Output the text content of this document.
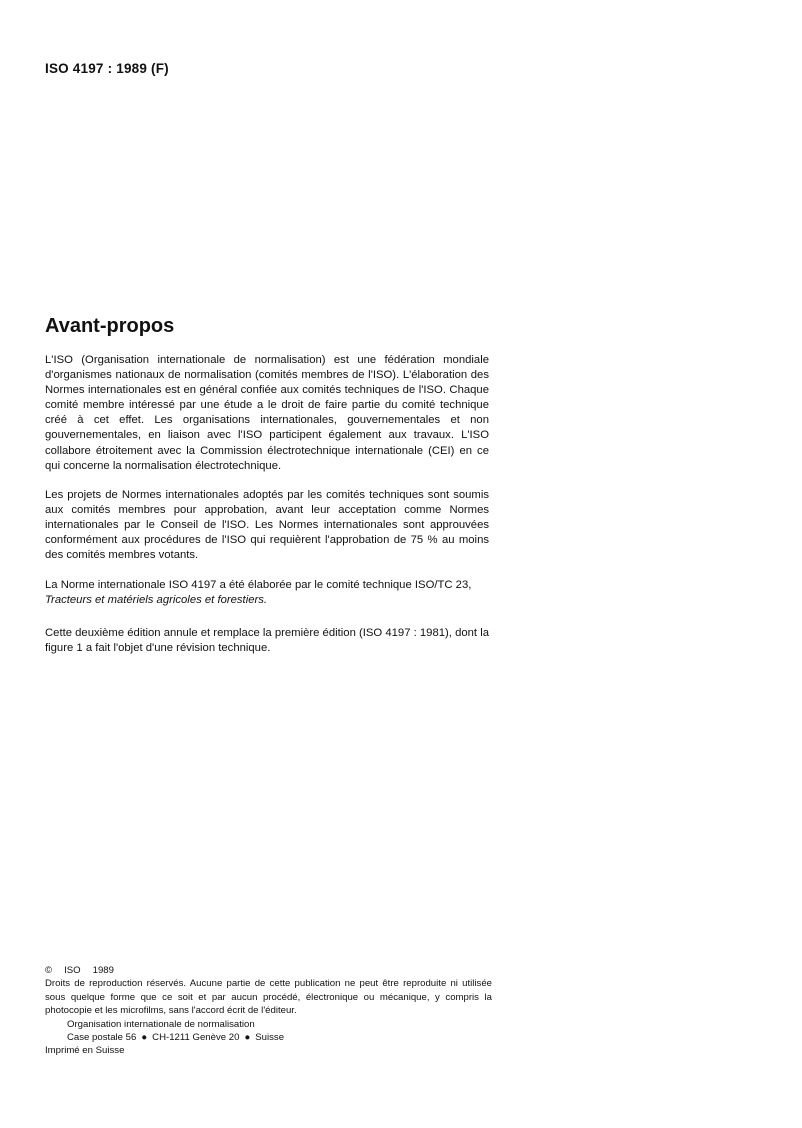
ISO 4197 : 1989 (F)
Avant-propos

L'ISO (Organisation internationale de normalisation) est une fédération mondiale d'organismes nationaux de normalisation (comités membres de l'ISO). L'élaboration des Normes internationales est en général confiée aux comités techniques de l'ISO. Chaque comité membre intéressé par une étude a le droit de faire partie du comité technique créé à cet effet. Les organisations internationales, gouvernementales et non gouvernementales, en liaison avec l'ISO participent également aux travaux. L'ISO collabore étroitement avec la Commission électrotechnique internationale (CEI) en ce qui concerne la normalisation électrotechnique.

Les projets de Normes internationales adoptés par les comités techniques sont soumis aux comités membres pour approbation, avant leur acceptation comme Normes internationales par le Conseil de l'ISO. Les Normes internationales sont approuvées conformément aux procédures de l'ISO qui requièrent l'approbation de 75 % au moins des comités membres votants.

La Norme internationale ISO 4197 a été élaborée par le comité technique ISO/TC 23,
Tracteurs et matériels agricoles et forestiers.

Cette deuxième édition annule et remplace la première édition (ISO 4197 : 1981), dont la figure 1 a fait l'objet d'une révision technique.

© ISO 1989
Droits de reproduction réservés. Aucune partie de cette publication ne peut être reproduite ni utilisée sous quelque forme que ce soit et par aucun procédé, électronique ou mécanique, y compris la photocopie et les microfilms, sans l'accord écrit de l'éditeur.
Organisation internationale de normalisation
Case postale 56 ● CH-1211 Genève 20 ● Suisse
Imprimé en Suisse
